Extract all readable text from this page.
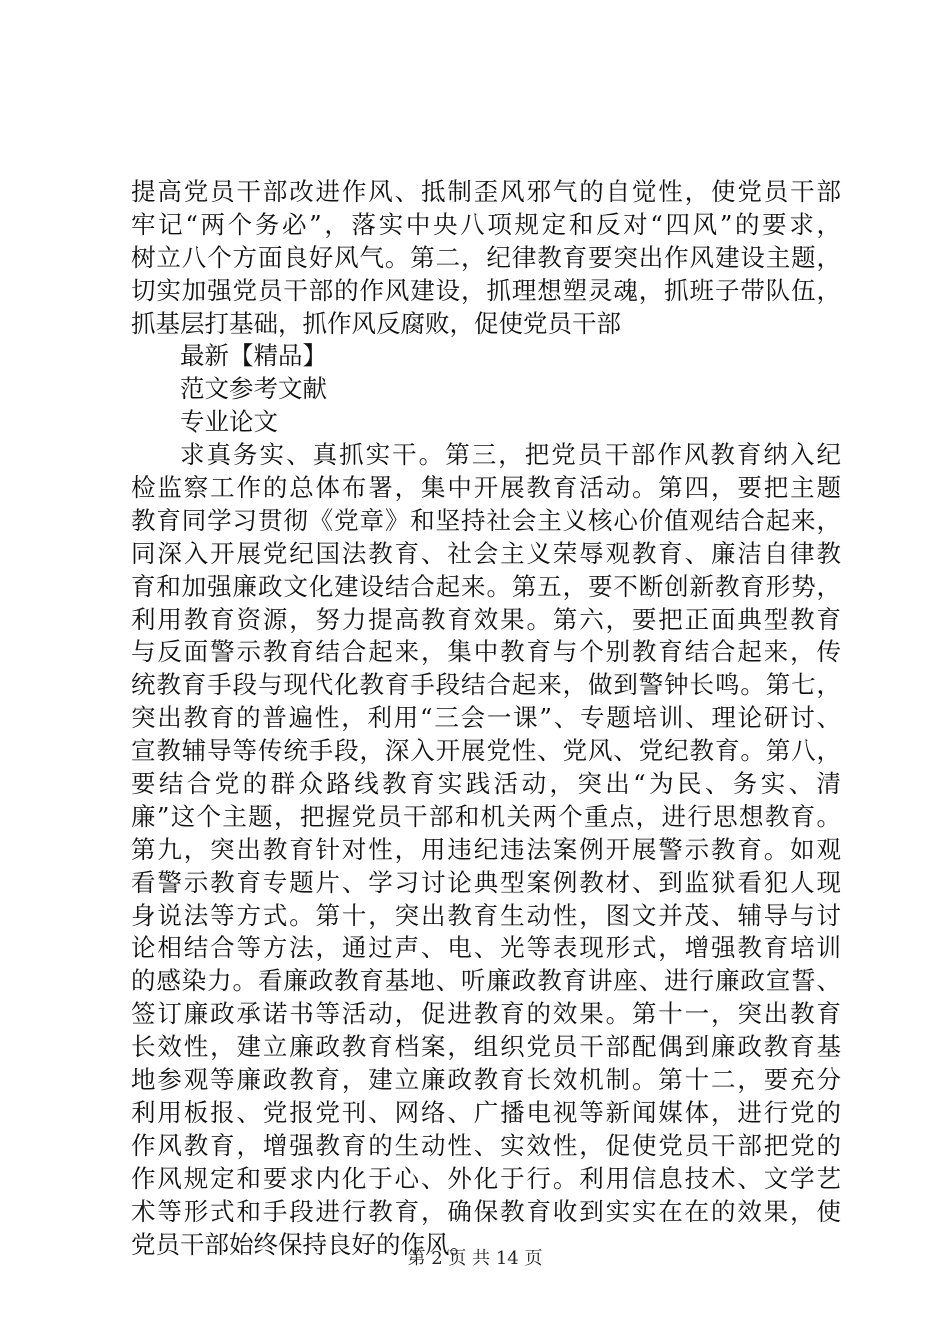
提高党员干部改进作风、抵制歪风邪气的自觉性，使党员干部
牢记“两个务必”，落实中央八项规定和反对“四风”的要求，
树立八个方面良好风气。第二，纪律教育要突出作风建设主题，
切实加强党员干部的作风建设，抓理想塑灵魂，抓班子带队伍，
抓基层打基础，抓作风反腐败，促使党员干部
最新【精品】
范文参考文献
专业论文
求真务实、真抓实干。第三，把党员干部作风教育纳入纪
检监察工作的总体布署，集中开展教育活动。第四，要把主题
教育同学习贯彻《党章》和坚持社会主义核心价值观结合起来，
同深入开展党纪国法教育、社会主义荣辱观教育、廉洁自律教
育和加强廉政文化建设结合起来。第五，要不断创新教育形势，
利用教育资源，努力提高教育效果。第六，要把正面典型教育
与反面警示教育结合起来，集中教育与个别教育结合起来，传
统教育手段与现代化教育手段结合起来，做到警钟长鸣。第七，
突出教育的普遍性，利用“三会一课”、专题培训、理论研讨、
宣教辅导等传统手段，深入开展党性、党风、党纪教育。第八，
要结合党的群众路线教育实践活动，突出“为民、务实、清
廉”这个主题，把握党员干部和机关两个重点，进行思想教育。
第九，突出教育针对性，用违纪违法案例开展警示教育。如观
看警示教育专题片、学习讨论典型案例教材、到监狱看犯人现
身说法等方式。第十，突出教育生动性，图文并茂、辅导与讨
论相结合等方法，通过声、电、光等表现形式，增强教育培训
的感染力。看廉政教育基地、听廉政教育讲座、进行廉政宣誓、
签订廉政承诺书等活动，促进教育的效果。第十一，突出教育
长效性，建立廉政教育档案，组织党员干部配偶到廉政教育基
地参观等廉政教育，建立廉政教育长效机制。第十二，要充分
利用板报、党报党刊、网络、广播电视等新闻媒体，进行党的
作风教育，增强教育的生动性、实效性，促使党员干部把党的
作风规定和要求内化于心、外化于行。利用信息技术、文学艺
术等形式和手段进行教育，确保教育收到实实在在的效果，使
党员干部始终保持良好的作风。
第 2 页 共 14 页
